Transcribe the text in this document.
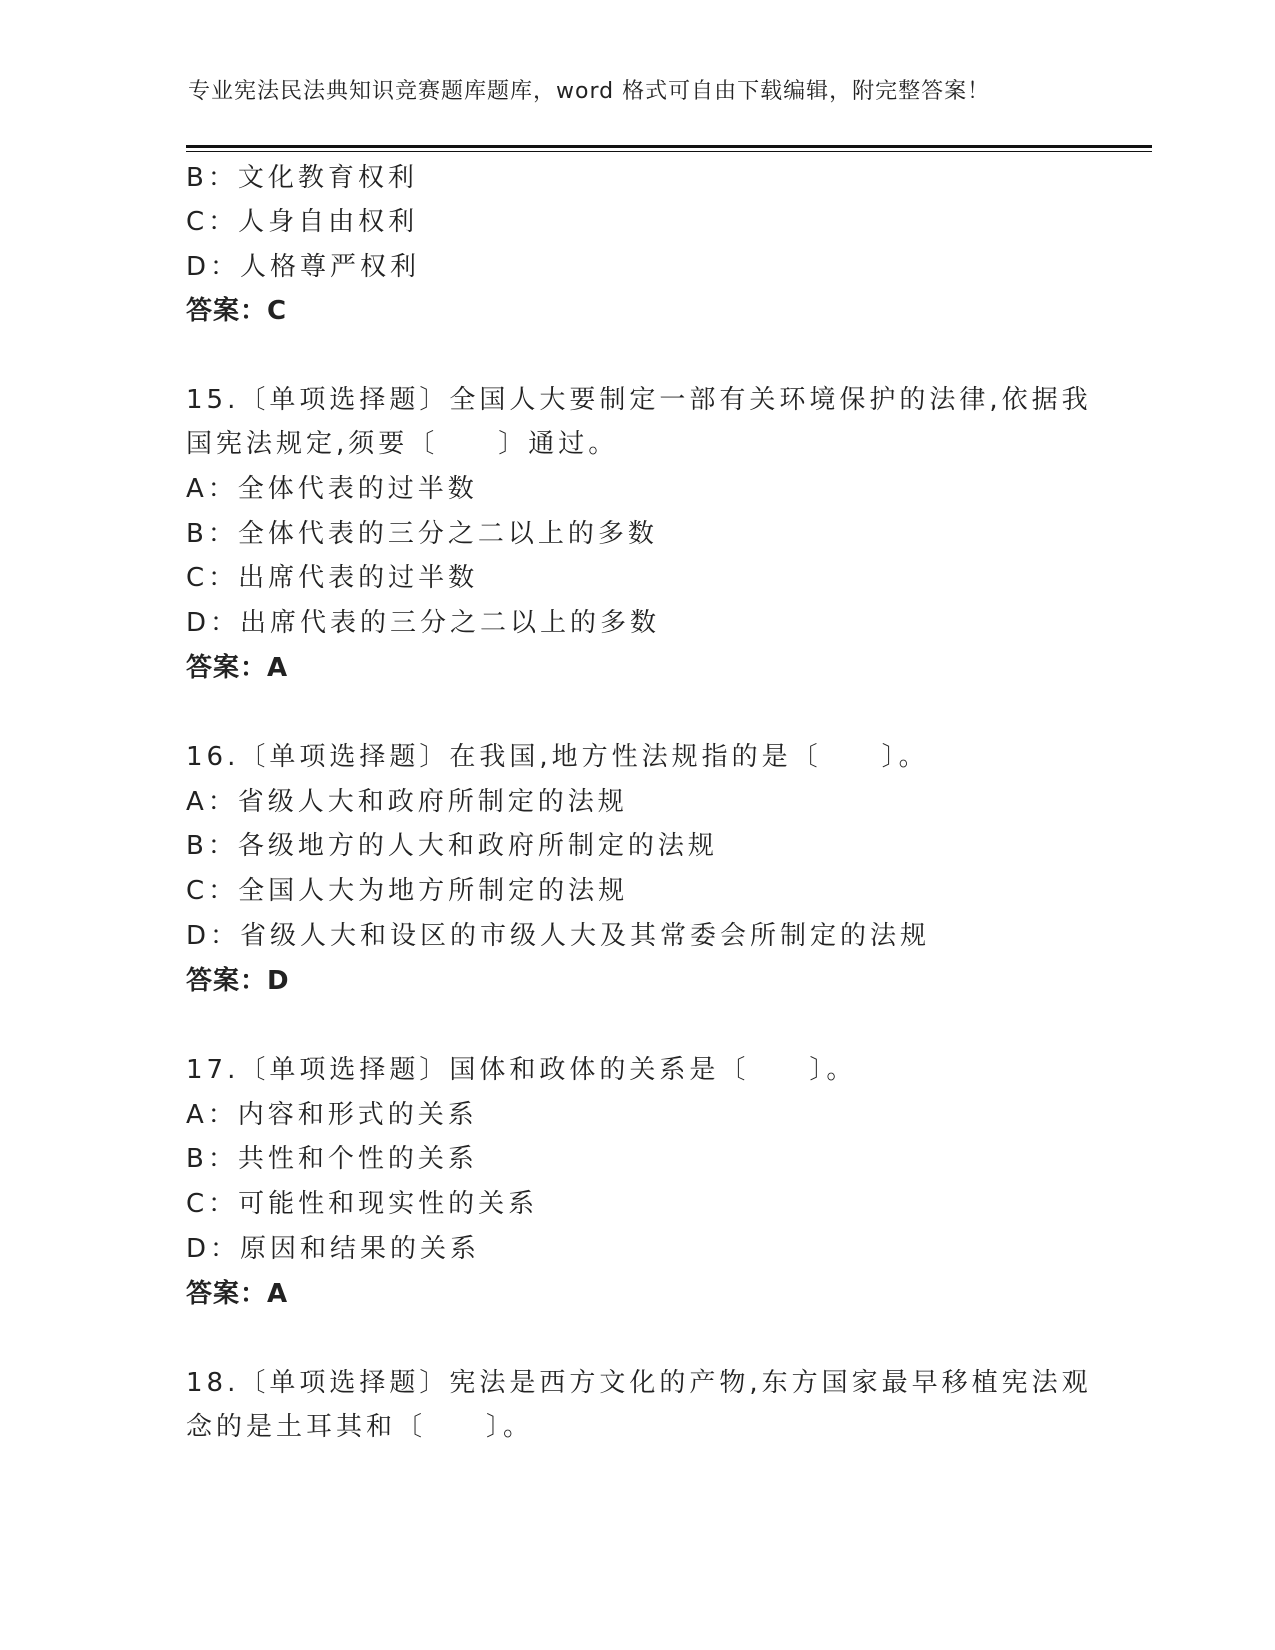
专业宪法民法典知识竞赛题库题库，word 格式可自由下载编辑，附完整答案！
B：文化教育权利
C：人身自由权利
D：人格尊严权利
答案：C
15.〔单项选择题〕全国人大要制定一部有关环境保护的法律,依据我
国宪法规定,须要〔　　〕通过。
A：全体代表的过半数
B：全体代表的三分之二以上的多数
C：出席代表的过半数
D：出席代表的三分之二以上的多数
答案：A
16.〔单项选择题〕在我国,地方性法规指的是〔　　〕。
A：省级人大和政府所制定的法规
B：各级地方的人大和政府所制定的法规
C：全国人大为地方所制定的法规
D：省级人大和设区的市级人大及其常委会所制定的法规
答案：D
17.〔单项选择题〕国体和政体的关系是〔　　〕。
A：内容和形式的关系
B：共性和个性的关系
C：可能性和现实性的关系
D：原因和结果的关系
答案：A
18.〔单项选择题〕宪法是西方文化的产物,东方国家最早移植宪法观
念的是土耳其和〔　　〕。
